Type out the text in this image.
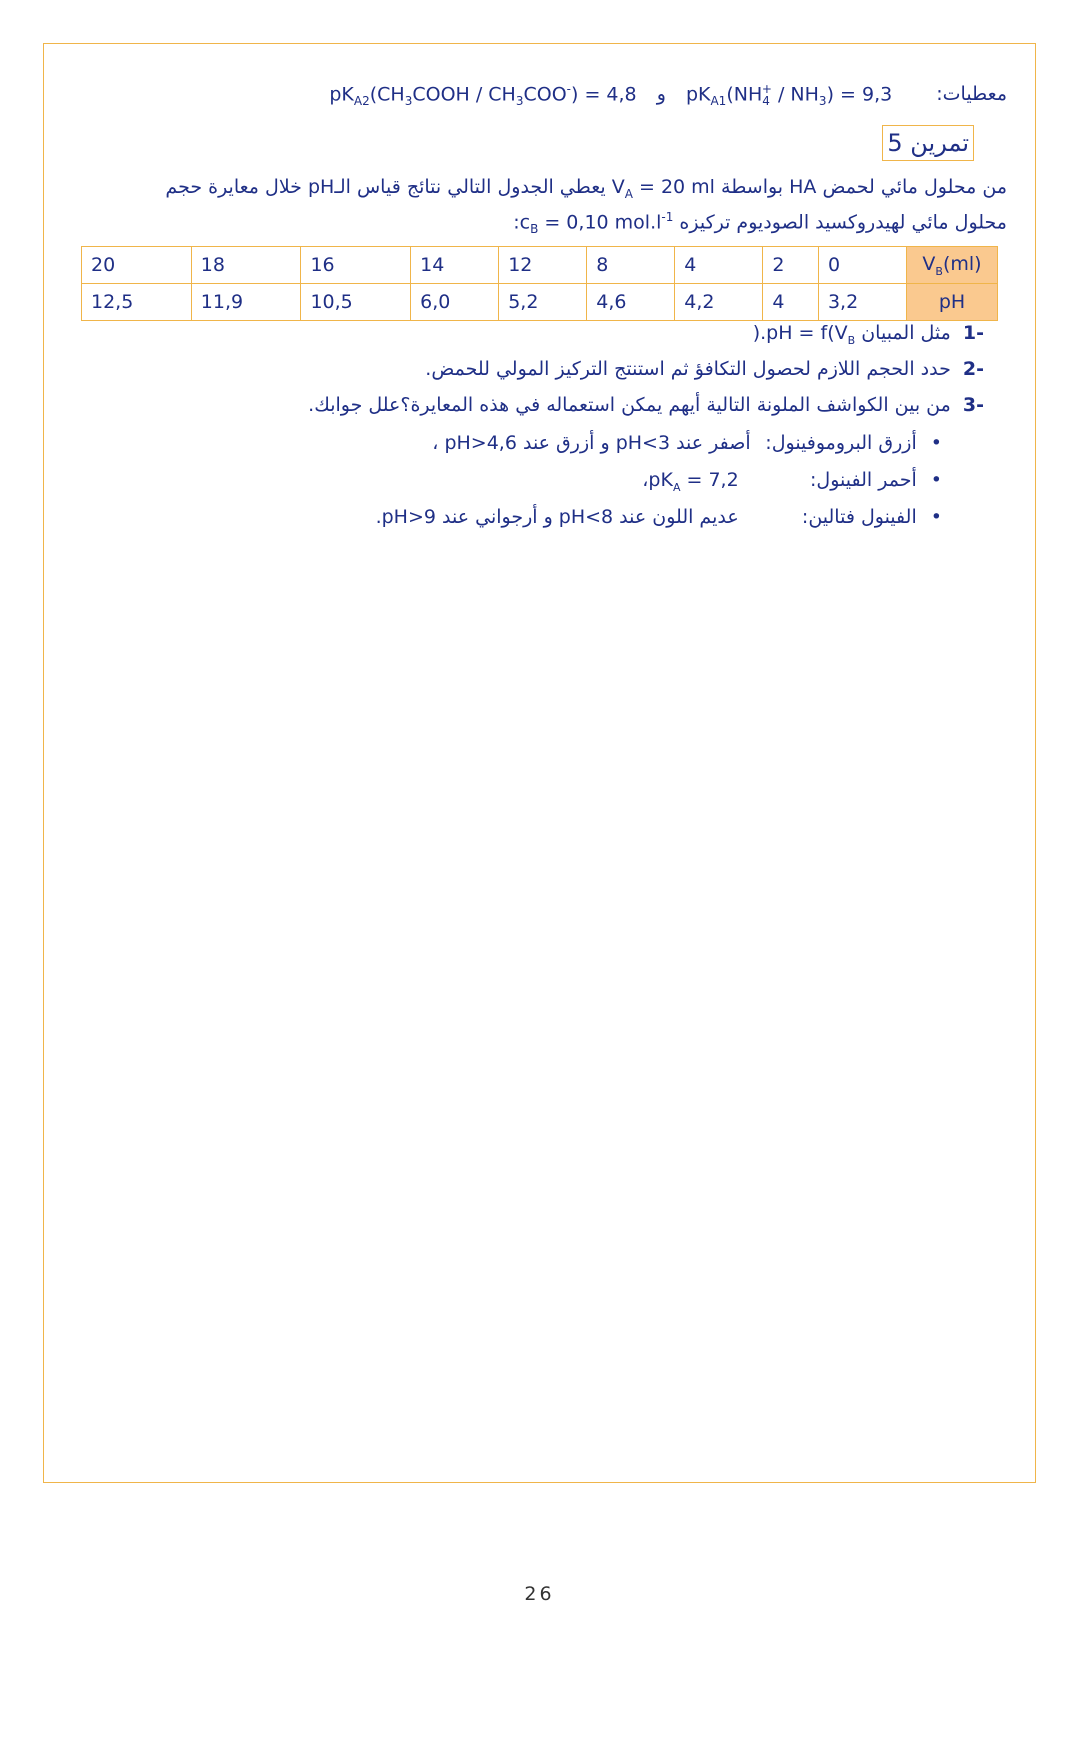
معطيات: $pK_{A1}(NH_4^+ / NH_3) = 9,3$ و $pK_{A2}(CH_3COOH / CH_3COO^-) = 4,8$
تمرين 5
من محلول مائي لحمض HA بواسطة $V_A = 20$ ml يعطي الجدول التالي نتائج قياس الـpH خلال معايرة حجم
محلول مائي لهيدروكسيد الصوديوم تركيزه $:c_B = 0,10$ $mol.l^{-1}$
$V_B(ml)$	0	2	4	8	12	14	16	18	20
pH	3,2	4	4,2	4,6	5,2	6,0	10,5	11,9	12,5
-1 مثل المبيان )$.pH = f(V_B$
-2 حدد الحجم اللازم لحصول التكافؤ ثم استنتج التركيز المولي للحمض.
-3 من بين الكواشف الملونة التالية أيهم يمكن استعماله في هذه المعايرة؟علل جوابك.
• أزرق البروموفينول: أصفر عند pH<3 و أزرق عند pH>4,6 ،
• أحمر الفينول: $،pK_A = 7,2$
• الفينول فتالين: عديم اللون عند pH<8 و أرجواني عند pH>9.
26
